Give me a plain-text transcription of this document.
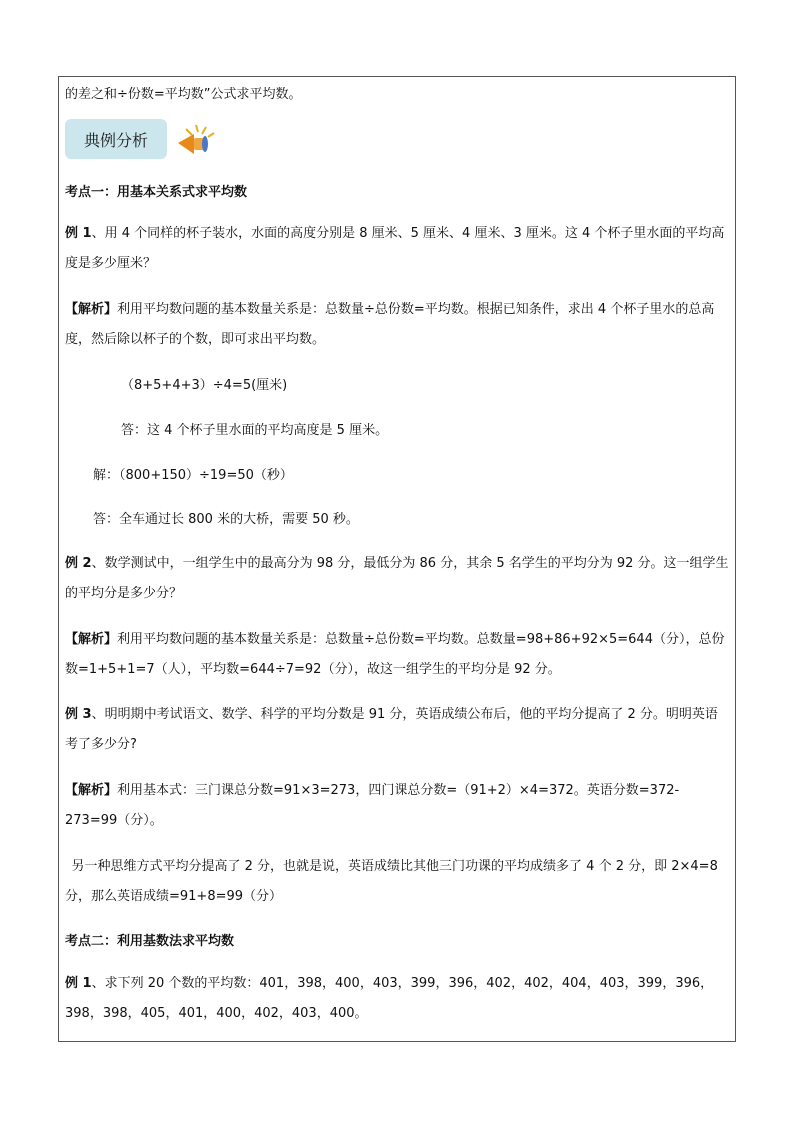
的差之和÷份数=平均数”公式求平均数。

典例分析

考点一：用基本关系式求平均数

例 1、用 4 个同样的杯子装水，水面的高度分别是 8 厘米、5 厘米、4 厘米、3 厘米。这 4 个杯子里水面的平均高度是多少厘米？

【解析】利用平均数问题的基本数量关系是：总数量÷总份数=平均数。根据已知条件，求出 4 个杯子里水的总高度，然后除以杯子的个数，即可求出平均数。

（8+5+4+3）÷4=5(厘米)

答：这 4 个杯子里水面的平均高度是 5 厘米。

解：（800+150）÷19=50（秒）

答：全车通过长 800 米的大桥，需要 50 秒。

例 2、数学测试中，一组学生中的最高分为 98 分，最低分为 86 分，其余 5 名学生的平均分为 92 分。这一组学生的平均分是多少分？

【解析】利用平均数问题的基本数量关系是：总数量÷总份数=平均数。总数量=98+86+92×5=644（分），总份数=1+5+1=7（人），平均数=644÷7=92（分），故这一组学生的平均分是 92 分。

例 3、明明期中考试语文、数学、科学的平均分数是 91 分，英语成绩公布后，他的平均分提高了 2 分。明明英语考了多少分?

【解析】利用基本式：三门课总分数=91×3=273，四门课总分数=（91+2）×4=372。英语分数=372-273=99（分）。

另一种思维方式平均分提高了 2 分，也就是说，英语成绩比其他三门功课的平均成绩多了 4 个 2 分，即 2×4=8 分，那么英语成绩=91+8=99（分）

考点二：利用基数法求平均数

例 1、求下列 20 个数的平均数：401，398，400，403，399，396，402，402，404，403，399，396，398，398，405，401，400，402，403，400。
